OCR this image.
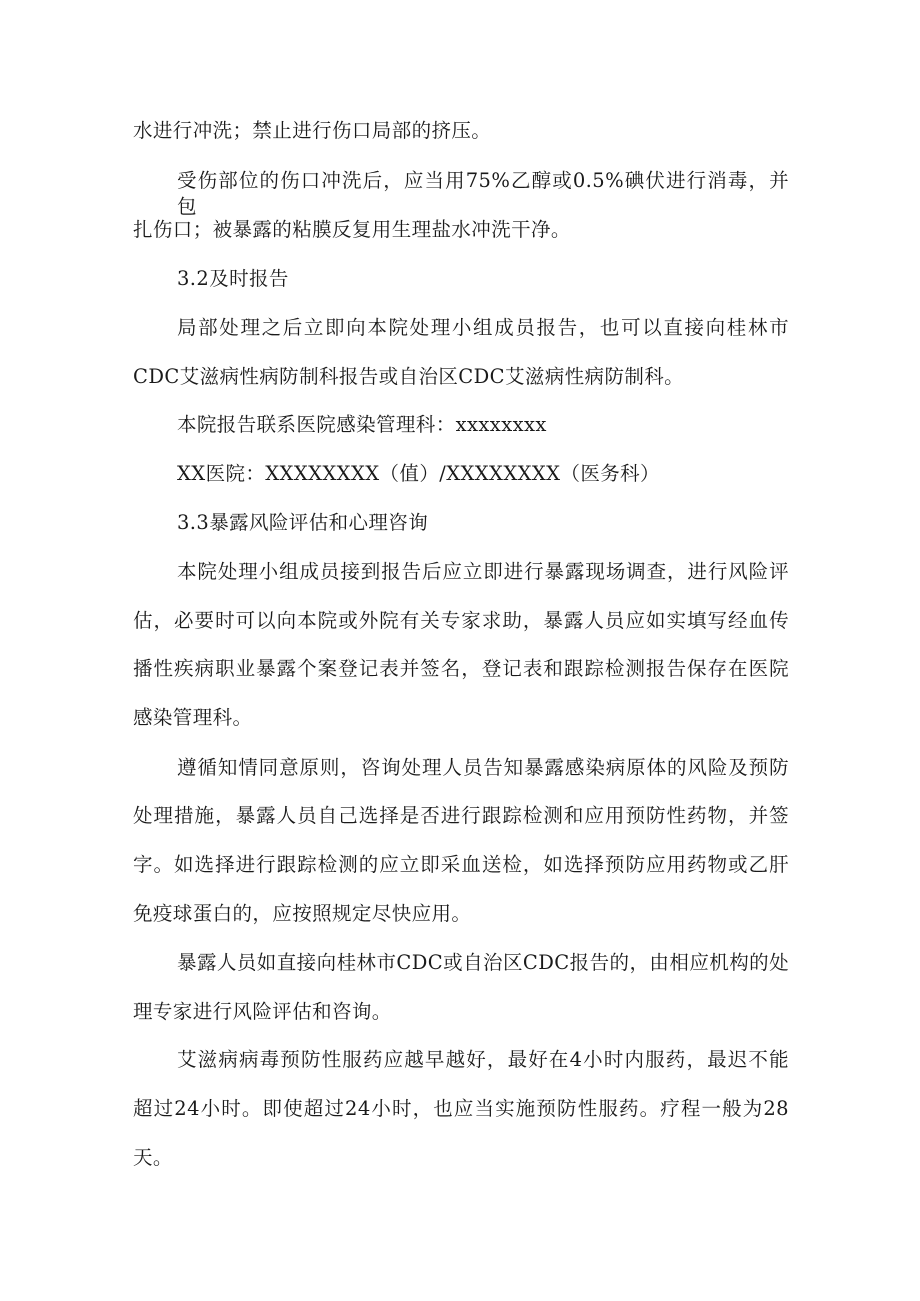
水进行冲洗；禁止进行伤口局部的挤压。
受伤部位的伤口冲洗后，应当用75%乙醇或0.5%碘伏进行消毒，并包
扎伤口；被暴露的粘膜反复用生理盐水冲洗干净。
3.2及时报告
局部处理之后立即向本院处理小组成员报告，也可以直接向桂林市
CDC艾滋病性病防制科报告或自治区CDC艾滋病性病防制科。
本院报告联系医院感染管理科：xxxxxxxx
XX医院：XXXXXXXX（值）/XXXXXXXX（医务科）
3.3暴露风险评估和心理咨询
本院处理小组成员接到报告后应立即进行暴露现场调查，进行风险评
估，必要时可以向本院或外院有关专家求助，暴露人员应如实填写经血传
播性疾病职业暴露个案登记表并签名，登记表和跟踪检测报告保存在医院
感染管理科。
遵循知情同意原则，咨询处理人员告知暴露感染病原体的风险及预防
处理措施，暴露人员自己选择是否进行跟踪检测和应用预防性药物，并签
字。如选择进行跟踪检测的应立即采血送检，如选择预防应用药物或乙肝
免疫球蛋白的，应按照规定尽快应用。
暴露人员如直接向桂林市CDC或自治区CDC报告的，由相应机构的处
理专家进行风险评估和咨询。
艾滋病病毒预防性服药应越早越好，最好在4小时内服药，最迟不能
超过24小时。即使超过24小时，也应当实施预防性服药。疗程一般为28
天。
